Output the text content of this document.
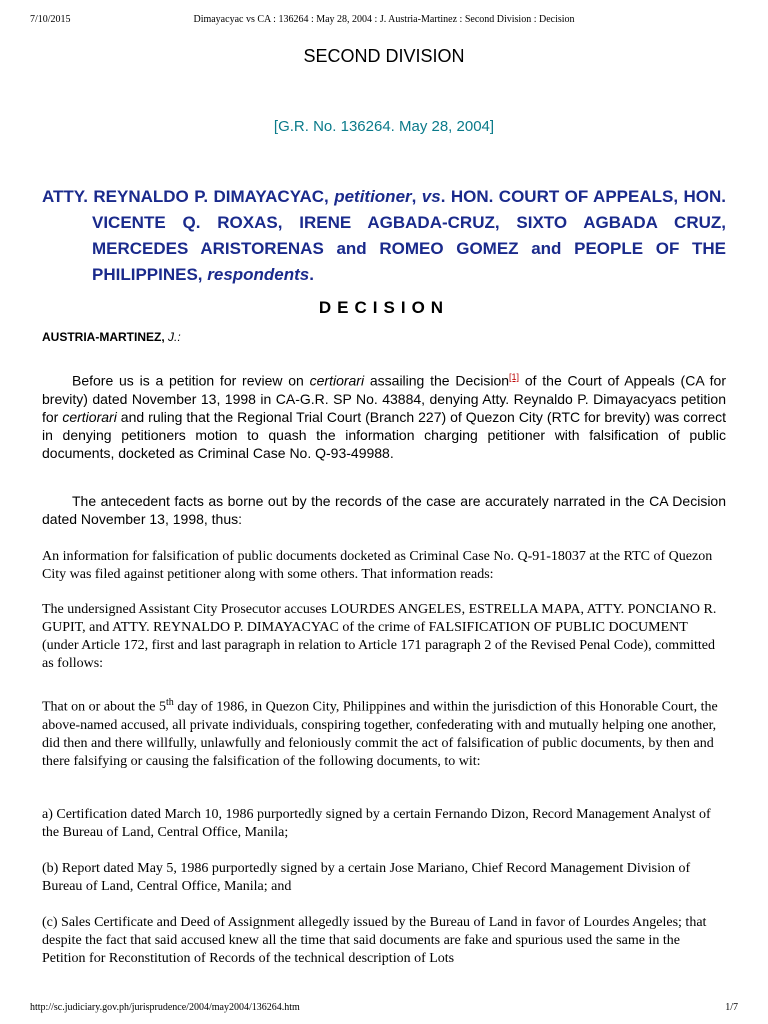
7/10/2015	Dimayacyac vs CA : 136264 : May 28, 2004 : J. Austria-Martinez : Second Division : Decision
SECOND DIVISION
[G.R. No. 136264. May 28, 2004]
ATTY. REYNALDO P. DIMAYACYAC, petitioner, vs. HON. COURT OF APPEALS, HON. VICENTE Q. ROXAS, IRENE AGBADA-CRUZ, SIXTO AGBADA CRUZ, MERCEDES ARISTORENAS and ROMEO GOMEZ and PEOPLE OF THE PHILIPPINES, respondents.
DECISION
AUSTRIA-MARTINEZ, J.:

Before us is a petition for review on certiorari assailing the Decision[1] of the Court of Appeals (CA for brevity) dated November 13, 1998 in CA-G.R. SP No. 43884, denying Atty. Reynaldo P. Dimayacyacs petition for certiorari and ruling that the Regional Trial Court (Branch 227) of Quezon City (RTC for brevity) was correct in denying petitioners motion to quash the information charging petitioner with falsification of public documents, docketed as Criminal Case No. Q-93-49988.

The antecedent facts as borne out by the records of the case are accurately narrated in the CA Decision dated November 13, 1998, thus:

An information for falsification of public documents docketed as Criminal Case No. Q-91-18037 at the RTC of Quezon City was filed against petitioner along with some others. That information reads:

The undersigned Assistant City Prosecutor accuses LOURDES ANGELES, ESTRELLA MAPA, ATTY. PONCIANO R. GUPIT, and ATTY. REYNALDO P. DIMAYACYAC of the crime of FALSIFICATION OF PUBLIC DOCUMENT (under Article 172, first and last paragraph in relation to Article 171 paragraph 2 of the Revised Penal Code), committed as follows:

That on or about the 5th day of 1986, in Quezon City, Philippines and within the jurisdiction of this Honorable Court, the above-named accused, all private individuals, conspiring together, confederating with and mutually helping one another, did then and there willfully, unlawfully and feloniously commit the act of falsification of public documents, by then and there falsifying or causing the falsification of the following documents, to wit:

a) Certification dated March 10, 1986 purportedly signed by a certain Fernando Dizon, Record Management Analyst of the Bureau of Land, Central Office, Manila;

(b) Report dated May 5, 1986 purportedly signed by a certain Jose Mariano, Chief Record Management Division of Bureau of Land, Central Office, Manila; and

(c) Sales Certificate and Deed of Assignment allegedly issued by the Bureau of Land in favor of Lourdes Angeles; that despite the fact that said accused knew all the time that said documents are fake and spurious used the same in the Petition for Reconstitution of Records of the technical description of Lots

http://sc.judiciary.gov.ph/jurisprudence/2004/may2004/136264.htm	1/7
